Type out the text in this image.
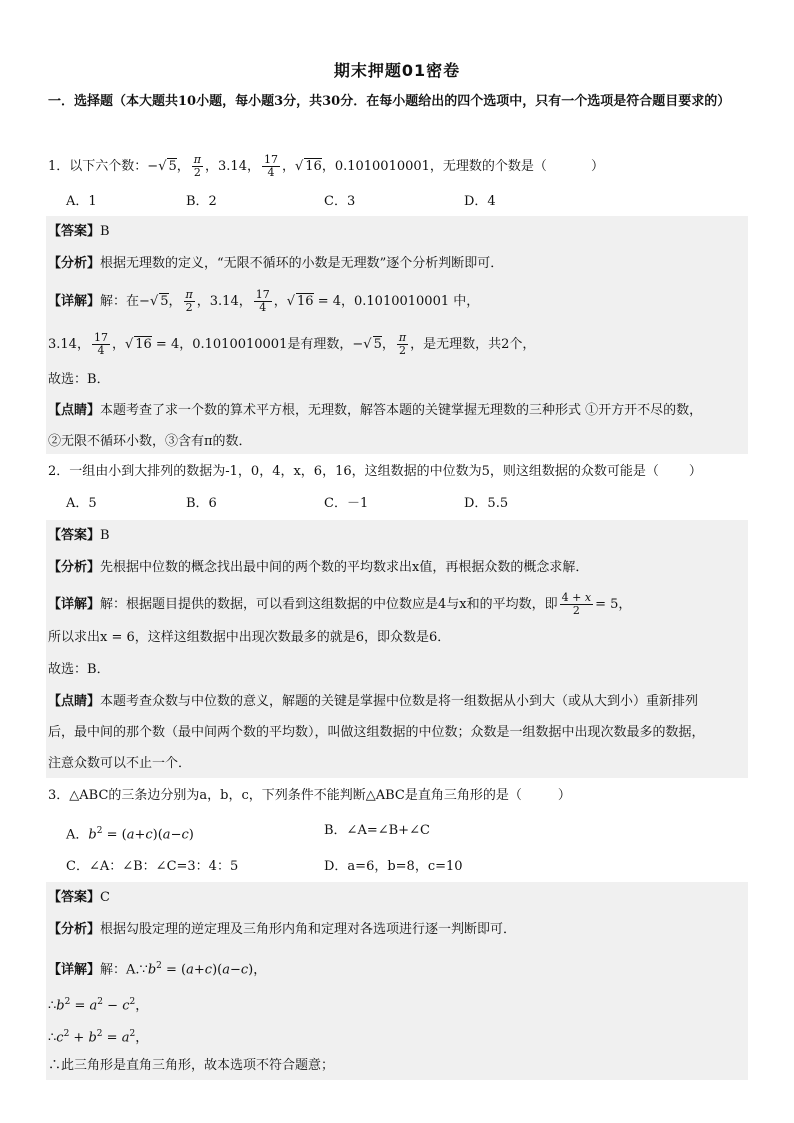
期末押题01密卷
一．选择题（本大题共10小题，每小题3分，共30分．在每小题给出的四个选项中，只有一个选项是符合题目要求的）
1．以下六个数：−√ 5， $\frac{\pi}{2}$ ，3.14， $\frac{17}{4}$ ，√ 16，0.1010010001，无理数的个数是（	）
A．1	B．2	C．3	D．4
【答案】B
【分析】根据无理数的定义，“无限不循环的小数是无理数”逐个分析判断即可．
【详解】解：在−√ 5， $\frac{\pi}{2}$ ，3.14， $\frac{17}{4}$ ，√ 16 = 4，0.1010010001 中，
3.14， $\frac{17}{4}$ ，√ 16 = 4，0.1010010001是有理数，−√ 5， $\frac{\pi}{2}$ ，是无理数，共2个，
故选：B．
【点睛】本题考查了求一个数的算术平方根，无理数，解答本题的关键掌握无理数的三种形式 ①开方开不尽的数，
②无限不循环小数，③含有π的数．
2．一组由小到大排列的数据为-1，0，4，x，6，16，这组数据的中位数为5，则这组数据的众数可能是（ ）
A．5	B．6	C．－1	D．5.5
【答案】B
【分析】先根据中位数的概念找出最中间的两个数的平均数求出x值，再根据众数的概念求解．
【详解】解：根据题目提供的数据，可以看到这组数据的中位数应是4与x和的平均数，即 $\frac{4 + x}{2} = 5$，
所以求出x = 6，这样这组数据中出现次数最多的就是6，即众数是6．
故选：B．
【点睛】本题考查众数与中位数的意义，解题的关键是掌握中位数是将一组数据从小到大（或从大到小）重新排列
后，最中间的那个数（最中间两个数的平均数），叫做这组数据的中位数；众数是一组数据中出现次数最多的数据，
注意众数可以不止一个．
3．△ABC的三条边分别为a，b，c，下列条件不能判断△ABC是直角三角形的是（	）
A．$b^2 = (a+c)(a-c)$	B．∠A=∠B+∠C
C．∠A：∠B：∠C=3：4：5	D．a=6，b=8，c=10
【答案】C
【分析】根据勾股定理的逆定理及三角形内角和定理对各选项进行逐一判断即可．
【详解】解：$A.\because b^2 = (a+c)(a-c)$，
$\therefore b^2 = a^2 - c^2$，
$\therefore c^2 + b^2 = a^2$，
∴此三角形是直角三角形，故本选项不符合题意；
